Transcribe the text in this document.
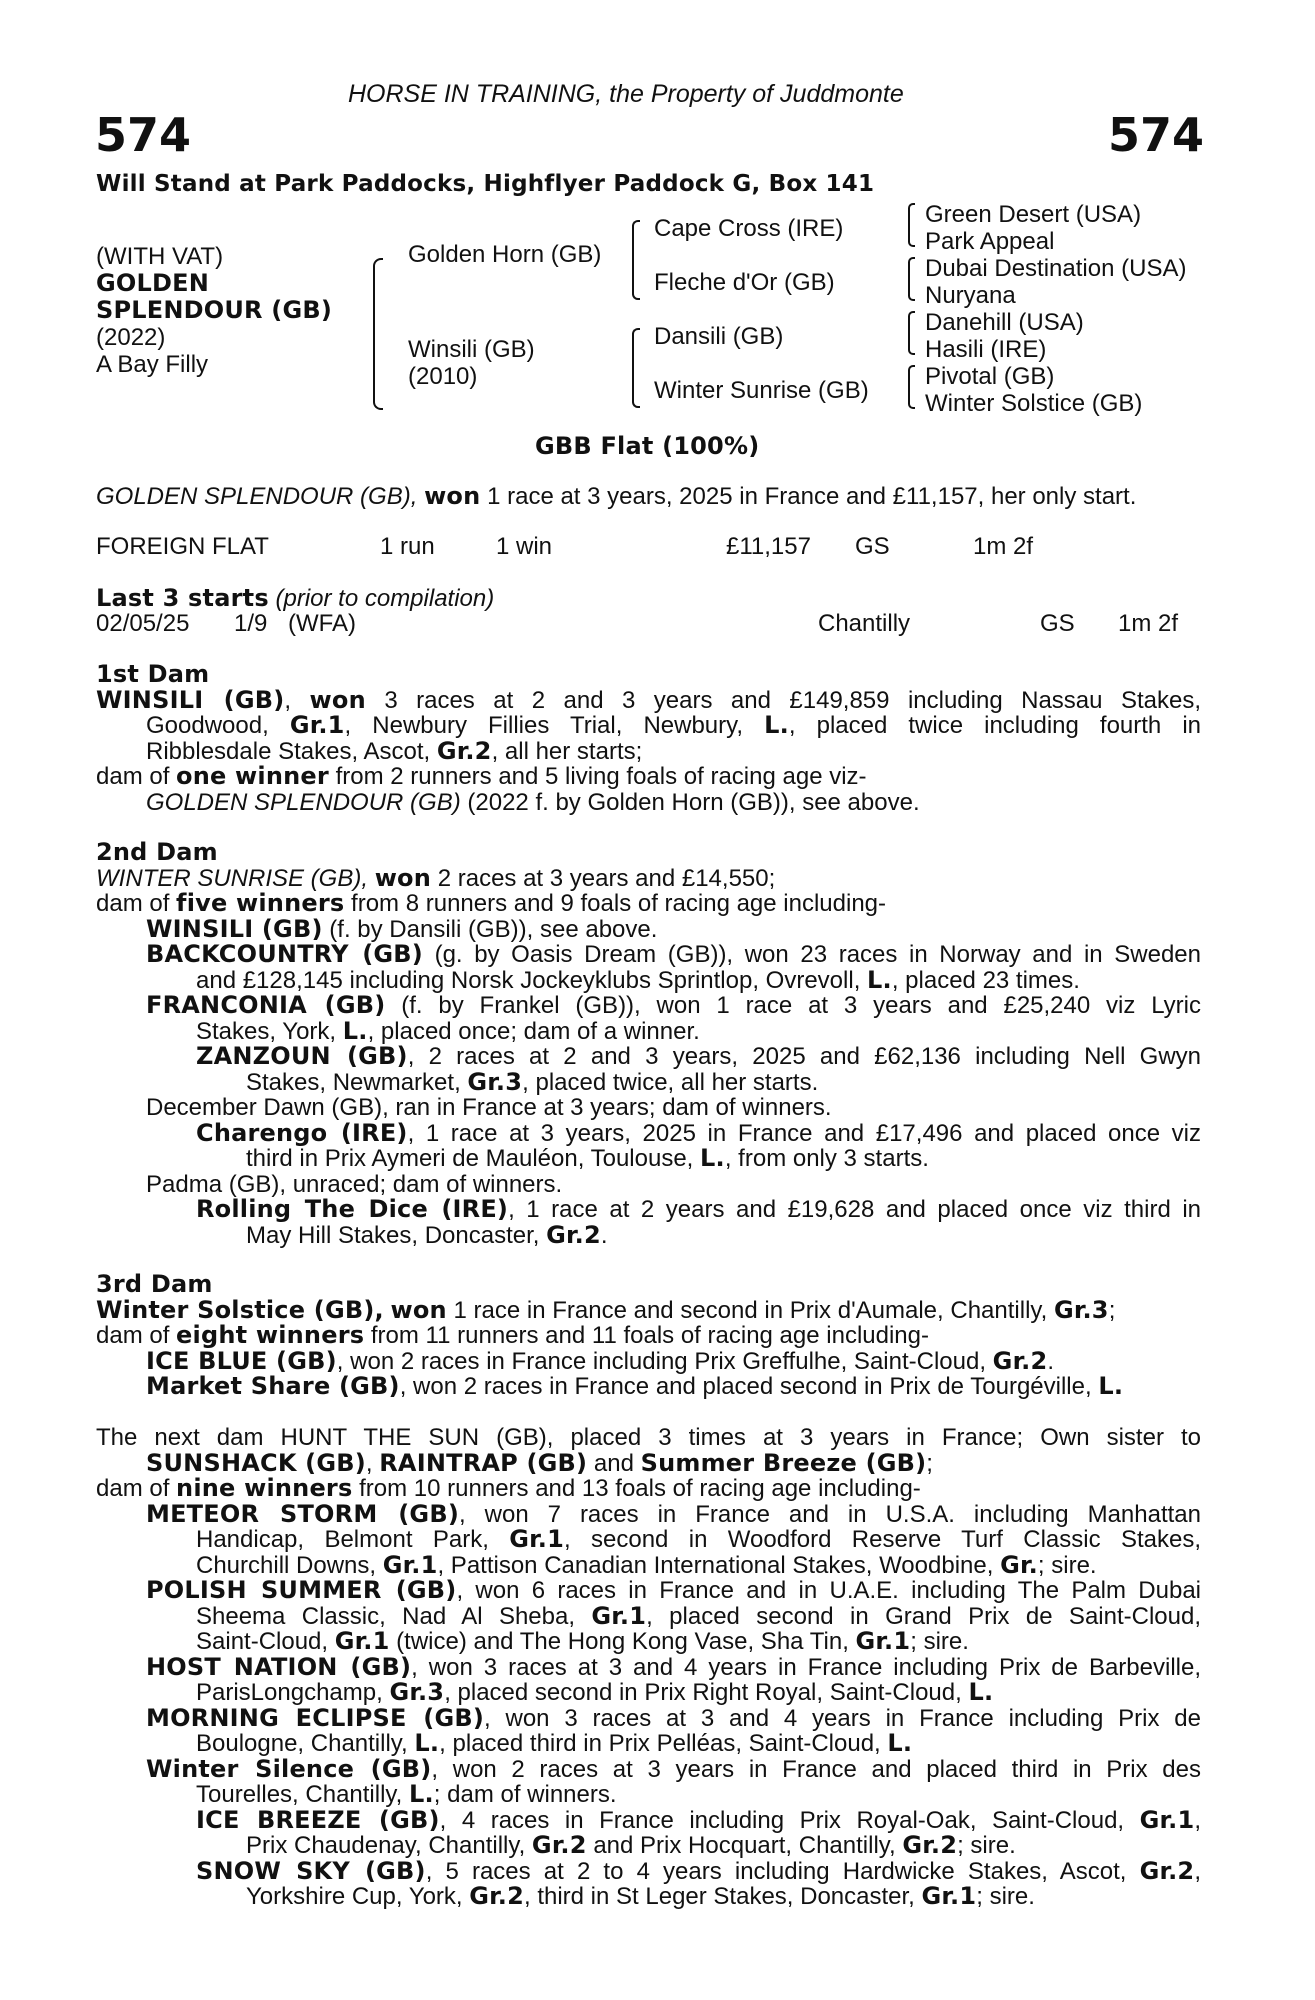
HORSE IN TRAINING, the Property of Juddmonte
574	574
Will Stand at Park Paddocks, Highflyer Paddock G, Box 141
(WITH VAT)
GOLDEN
SPLENDOUR (GB)
(2022)
A Bay Filly
Golden Horn (GB)
Winsili (GB)
(2010)
Cape Cross (IRE)
Fleche d'Or (GB)
Dansili (GB)
Winter Sunrise (GB)
Green Desert (USA)
Park Appeal
Dubai Destination (USA)
Nuryana
Danehill (USA)
Hasili (IRE)
Pivotal (GB)
Winter Solstice (GB)
GBB Flat (100%)
GOLDEN SPLENDOUR (GB), won 1 race at 3 years, 2025 in France and £11,157, her only start.
FOREIGN FLAT	1 run	1 win	£11,157 GS	1m 2f
Last 3 starts (prior to compilation)
02/05/25 1/9 (WFA)	Chantilly	GS 1m 2f
1st Dam
WINSILI (GB), won 3 races at 2 and 3 years and £149,859 including Nassau Stakes,
Goodwood, Gr.1, Newbury Fillies Trial, Newbury, L., placed twice including fourth in
Ribblesdale Stakes, Ascot, Gr.2, all her starts;
dam of one winner from 2 runners and 5 living foals of racing age viz-
GOLDEN SPLENDOUR (GB) (2022 f. by Golden Horn (GB)), see above.
2nd Dam
WINTER SUNRISE (GB), won 2 races at 3 years and £14,550;
dam of five winners from 8 runners and 9 foals of racing age including-
WINSILI (GB) (f. by Dansili (GB)), see above.
BACKCOUNTRY (GB) (g. by Oasis Dream (GB)), won 23 races in Norway and in Sweden
and £128,145 including Norsk Jockeyklubs Sprintlop, Ovrevoll, L., placed 23 times.
FRANCONIA (GB) (f. by Frankel (GB)), won 1 race at 3 years and £25,240 viz Lyric
Stakes, York, L., placed once; dam of a winner.
ZANZOUN (GB), 2 races at 2 and 3 years, 2025 and £62,136 including Nell Gwyn
Stakes, Newmarket, Gr.3, placed twice, all her starts.
December Dawn (GB), ran in France at 3 years; dam of winners.
Charengo (IRE), 1 race at 3 years, 2025 in France and £17,496 and placed once viz
third in Prix Aymeri de Mauléon, Toulouse, L., from only 3 starts.
Padma (GB), unraced; dam of winners.
Rolling The Dice (IRE), 1 race at 2 years and £19,628 and placed once viz third in
May Hill Stakes, Doncaster, Gr.2.
3rd Dam
Winter Solstice (GB), won 1 race in France and second in Prix d'Aumale, Chantilly, Gr.3;
dam of eight winners from 11 runners and 11 foals of racing age including-
ICE BLUE (GB), won 2 races in France including Prix Greffulhe, Saint-Cloud, Gr.2.
Market Share (GB), won 2 races in France and placed second in Prix de Tourgéville, L.
The next dam HUNT THE SUN (GB), placed 3 times at 3 years in France; Own sister to
SUNSHACK (GB), RAINTRAP (GB) and Summer Breeze (GB);
dam of nine winners from 10 runners and 13 foals of racing age including-
METEOR STORM (GB), won 7 races in France and in U.S.A. including Manhattan
Handicap, Belmont Park, Gr.1, second in Woodford Reserve Turf Classic Stakes,
Churchill Downs, Gr.1, Pattison Canadian International Stakes, Woodbine, Gr.; sire.
POLISH SUMMER (GB), won 6 races in France and in U.A.E. including The Palm Dubai
Sheema Classic, Nad Al Sheba, Gr.1, placed second in Grand Prix de Saint-Cloud,
Saint-Cloud, Gr.1 (twice) and The Hong Kong Vase, Sha Tin, Gr.1; sire.
HOST NATION (GB), won 3 races at 3 and 4 years in France including Prix de Barbeville,
ParisLongchamp, Gr.3, placed second in Prix Right Royal, Saint-Cloud, L.
MORNING ECLIPSE (GB), won 3 races at 3 and 4 years in France including Prix de
Boulogne, Chantilly, L., placed third in Prix Pelléas, Saint-Cloud, L.
Winter Silence (GB), won 2 races at 3 years in France and placed third in Prix des
Tourelles, Chantilly, L.; dam of winners.
ICE BREEZE (GB), 4 races in France including Prix Royal-Oak, Saint-Cloud, Gr.1,
Prix Chaudenay, Chantilly, Gr.2 and Prix Hocquart, Chantilly, Gr.2; sire.
SNOW SKY (GB), 5 races at 2 to 4 years including Hardwicke Stakes, Ascot, Gr.2,
Yorkshire Cup, York, Gr.2, third in St Leger Stakes, Doncaster, Gr.1; sire.
